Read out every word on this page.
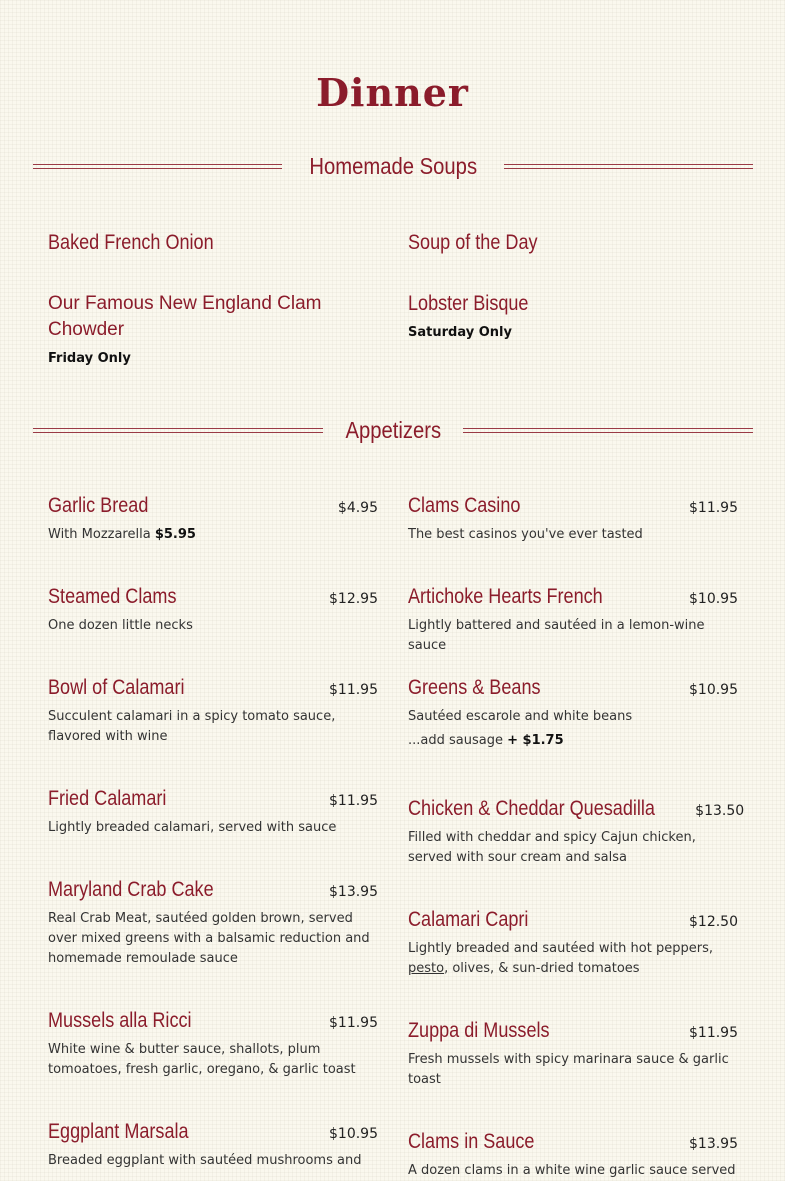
Dinner
Homemade Soups
Baked French Onion
Our Famous New England Clam Chowder
Friday Only
Soup of the Day
Lobster Bisque
Saturday Only
Appetizers
Garlic Bread	$4.95
With Mozzarella $5.95
Steamed Clams	$12.95
One dozen little necks
Bowl of Calamari	$11.95
Succulent calamari in a spicy tomato sauce, flavored with wine
Fried Calamari	$11.95
Lightly breaded calamari, served with sauce
Maryland Crab Cake	$13.95
Real Crab Meat, sautéed golden brown, served over mixed greens with a balsamic reduction and homemade remoulade sauce
Mussels alla Ricci	$11.95
White wine & butter sauce, shallots, plum tomoatoes, fresh garlic, oregano, & garlic toast
Eggplant Marsala	$10.95
Breaded eggplant with sautéed mushrooms and
Clams Casino	$11.95
The best casinos you've ever tasted
Artichoke Hearts French	$10.95
Lightly battered and sautéed in a lemon-wine sauce
Greens & Beans	$10.95
Sautéed escarole and white beans
...add sausage + $1.75
Chicken & Cheddar Quesadilla	$13.50
Filled with cheddar and spicy Cajun chicken, served with sour cream and salsa
Calamari Capri	$12.50
Lightly breaded and sautéed with hot peppers, pesto, olives, & sun-dried tomatoes
Zuppa di Mussels	$11.95
Fresh mussels with spicy marinara sauce & garlic toast
Clams in Sauce	$13.95
A dozen clams in a white wine garlic sauce served
